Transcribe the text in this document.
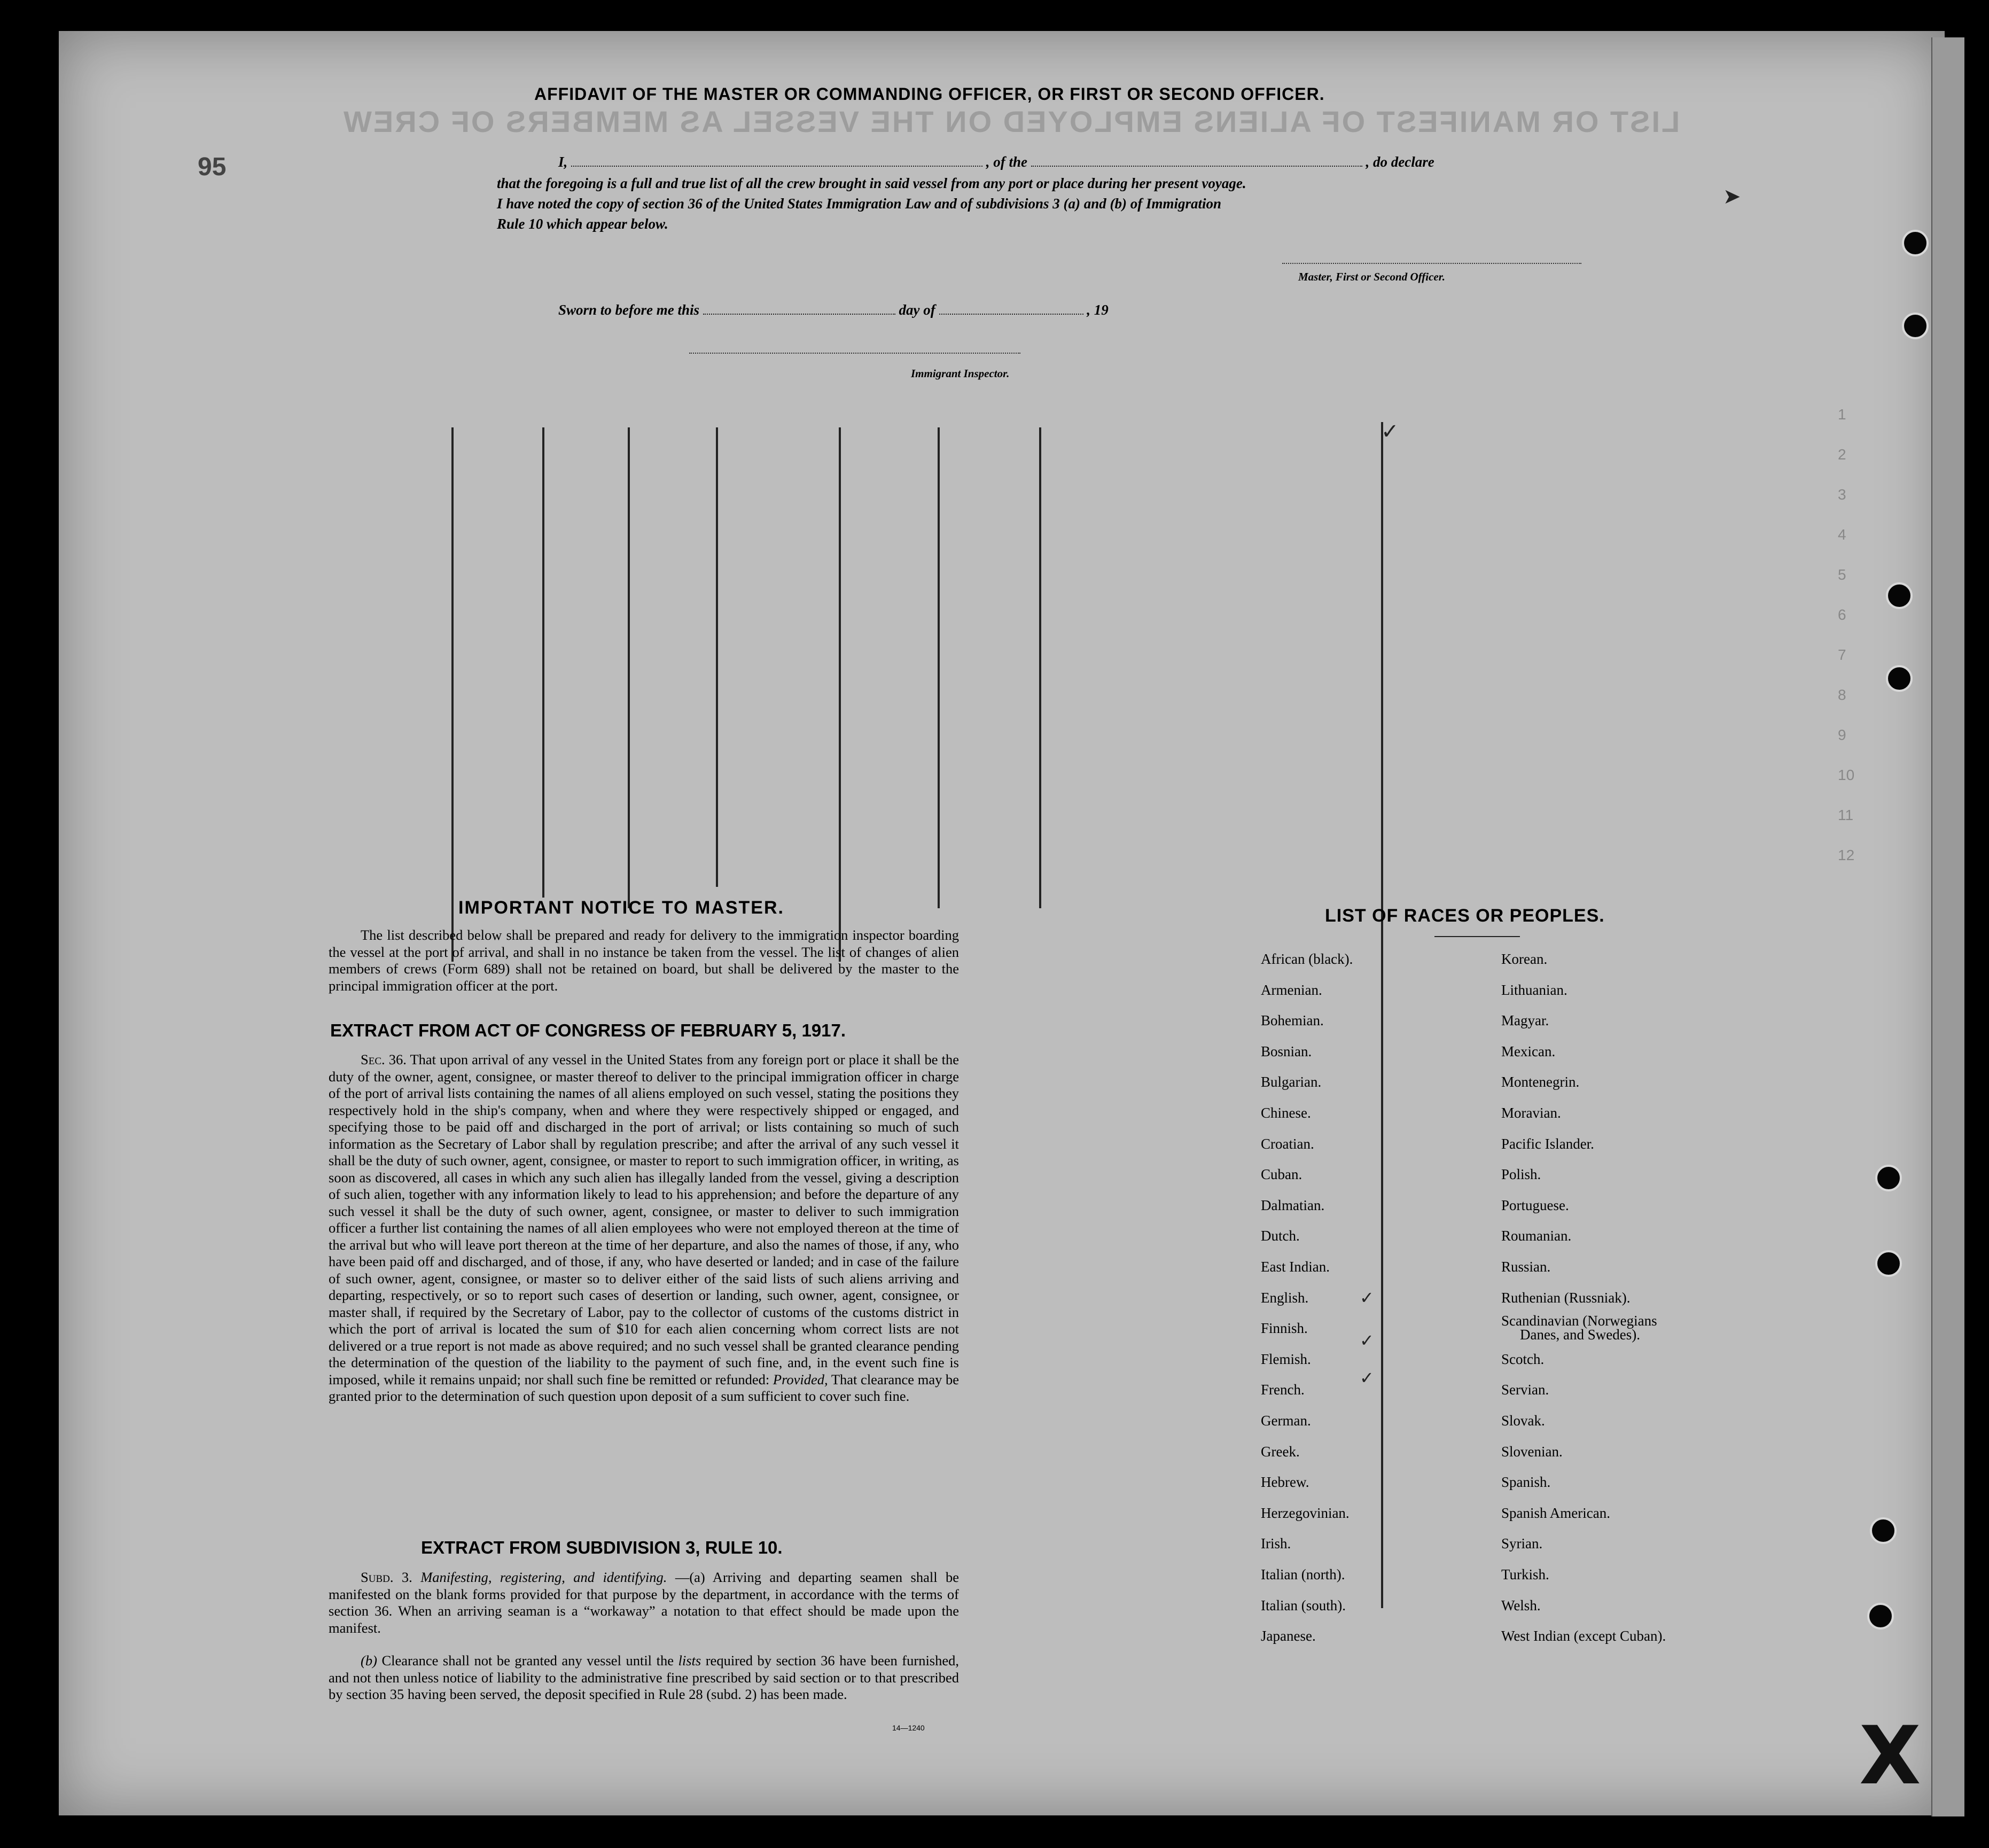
LIST OR MANIFEST OF ALIENS EMPLOYED ON THE VESSEL AS MEMBERS OF CREW
95
1
2
3
4
5
6
7
8
9
10
11
12
AFFIDAVIT OF THE MASTER OR COMMANDING OFFICER, OR FIRST OR SECOND OFFICER.
I,	, of the	, do declare
that the foregoing is a full and true list of all the crew brought in said vessel from any port or place during her present voyage.
I have noted the copy of section 36 of the United States Immigration Law and of subdivisions 3 (a) and (b) of Immigration
Rule 10 which appear below.
Master, First or Second Officer.
Sworn to before me this	day of	, 19
Immigrant Inspector.
IMPORTANT NOTICE TO MASTER.
The list described below shall be prepared and ready for delivery to the immigration inspector boarding the vessel at the port of arrival, and shall in no instance be taken from the vessel. The list of changes of alien members of crews (Form 689) shall not be retained on board, but shall be delivered by the master to the principal immigration officer at the port.
EXTRACT FROM ACT OF CONGRESS OF FEBRUARY 5, 1917.
Sec. 36. That upon arrival of any vessel in the United States from any foreign port or place it shall be the duty of the owner, agent, consignee, or master thereof to deliver to the principal immigration officer in charge of the port of arrival lists containing the names of all aliens employed on such vessel, stating the positions they respectively hold in the ship's company, when and where they were respectively shipped or engaged, and specifying those to be paid off and discharged in the port of arrival; or lists containing so much of such information as the Secretary of Labor shall by regulation prescribe; and after the arrival of any such vessel it shall be the duty of such owner, agent, consignee, or master to report to such immigration officer, in writing, as soon as discovered, all cases in which any such alien has illegally landed from the vessel, giving a description of such alien, together with any information likely to lead to his apprehension; and before the departure of any such vessel it shall be the duty of such owner, agent, consignee, or master to deliver to such immigration officer a further list containing the names of all alien employees who were not employed thereon at the time of the arrival but who will leave port thereon at the time of her departure, and also the names of those, if any, who have been paid off and discharged, and of those, if any, who have deserted or landed; and in case of the failure of such owner, agent, consignee, or master so to deliver either of the said lists of such aliens arriving and departing, respectively, or so to report such cases of desertion or landing, such owner, agent, consignee, or master shall, if required by the Secretary of Labor, pay to the collector of customs of the customs district in which the port of arrival is located the sum of $10 for each alien concerning whom correct lists are not delivered or a true report is not made as above required; and no such vessel shall be granted clearance pending the determination of the question of the liability to the payment of such fine, and, in the event such fine is imposed, while it remains unpaid; nor shall such fine be remitted or refunded: Provided, That clearance may be granted prior to the determination of such question upon deposit of a sum sufficient to cover such fine.
EXTRACT FROM SUBDIVISION 3, RULE 10.
Subd. 3. Manifesting, registering, and identifying. —(a) Arriving and departing seamen shall be manifested on the blank forms provided for that purpose by the department, in accordance with the terms of section 36. When an arriving seaman is a “workaway” a notation to that effect should be made upon the manifest.
(b) Clearance shall not be granted any vessel until the lists required by section 36 have been furnished, and not then unless notice of liability to the administrative fine prescribed by said section or to that prescribed by section 35 having been served, the deposit specified in Rule 28 (subd. 2) has been made.
14—1240
LIST OF RACES OR PEOPLES.
African (black).
Armenian.
Bohemian.
Bosnian.
Bulgarian.
Chinese.
Croatian.
Cuban.
Dalmatian.
Dutch.
East Indian.
English.
Finnish.
Flemish.
French.
German.
Greek.
Hebrew.
Herzegovinian.
Irish.
Italian (north).
Italian (south).
Japanese.
Korean.
Lithuanian.
Magyar.
Mexican.
Montenegrin.
Moravian.
Pacific Islander.
Polish.
Portuguese.
Roumanian.
Russian.
Ruthenian (Russniak).
Scandinavian (Norwegians
Danes, and Swedes).
Scotch.
Servian.
Slovak.
Slovenian.
Spanish.
Spanish American.
Syrian.
Turkish.
Welsh.
West Indian (except Cuban).
✓
✓
✓
✓
X
➤
